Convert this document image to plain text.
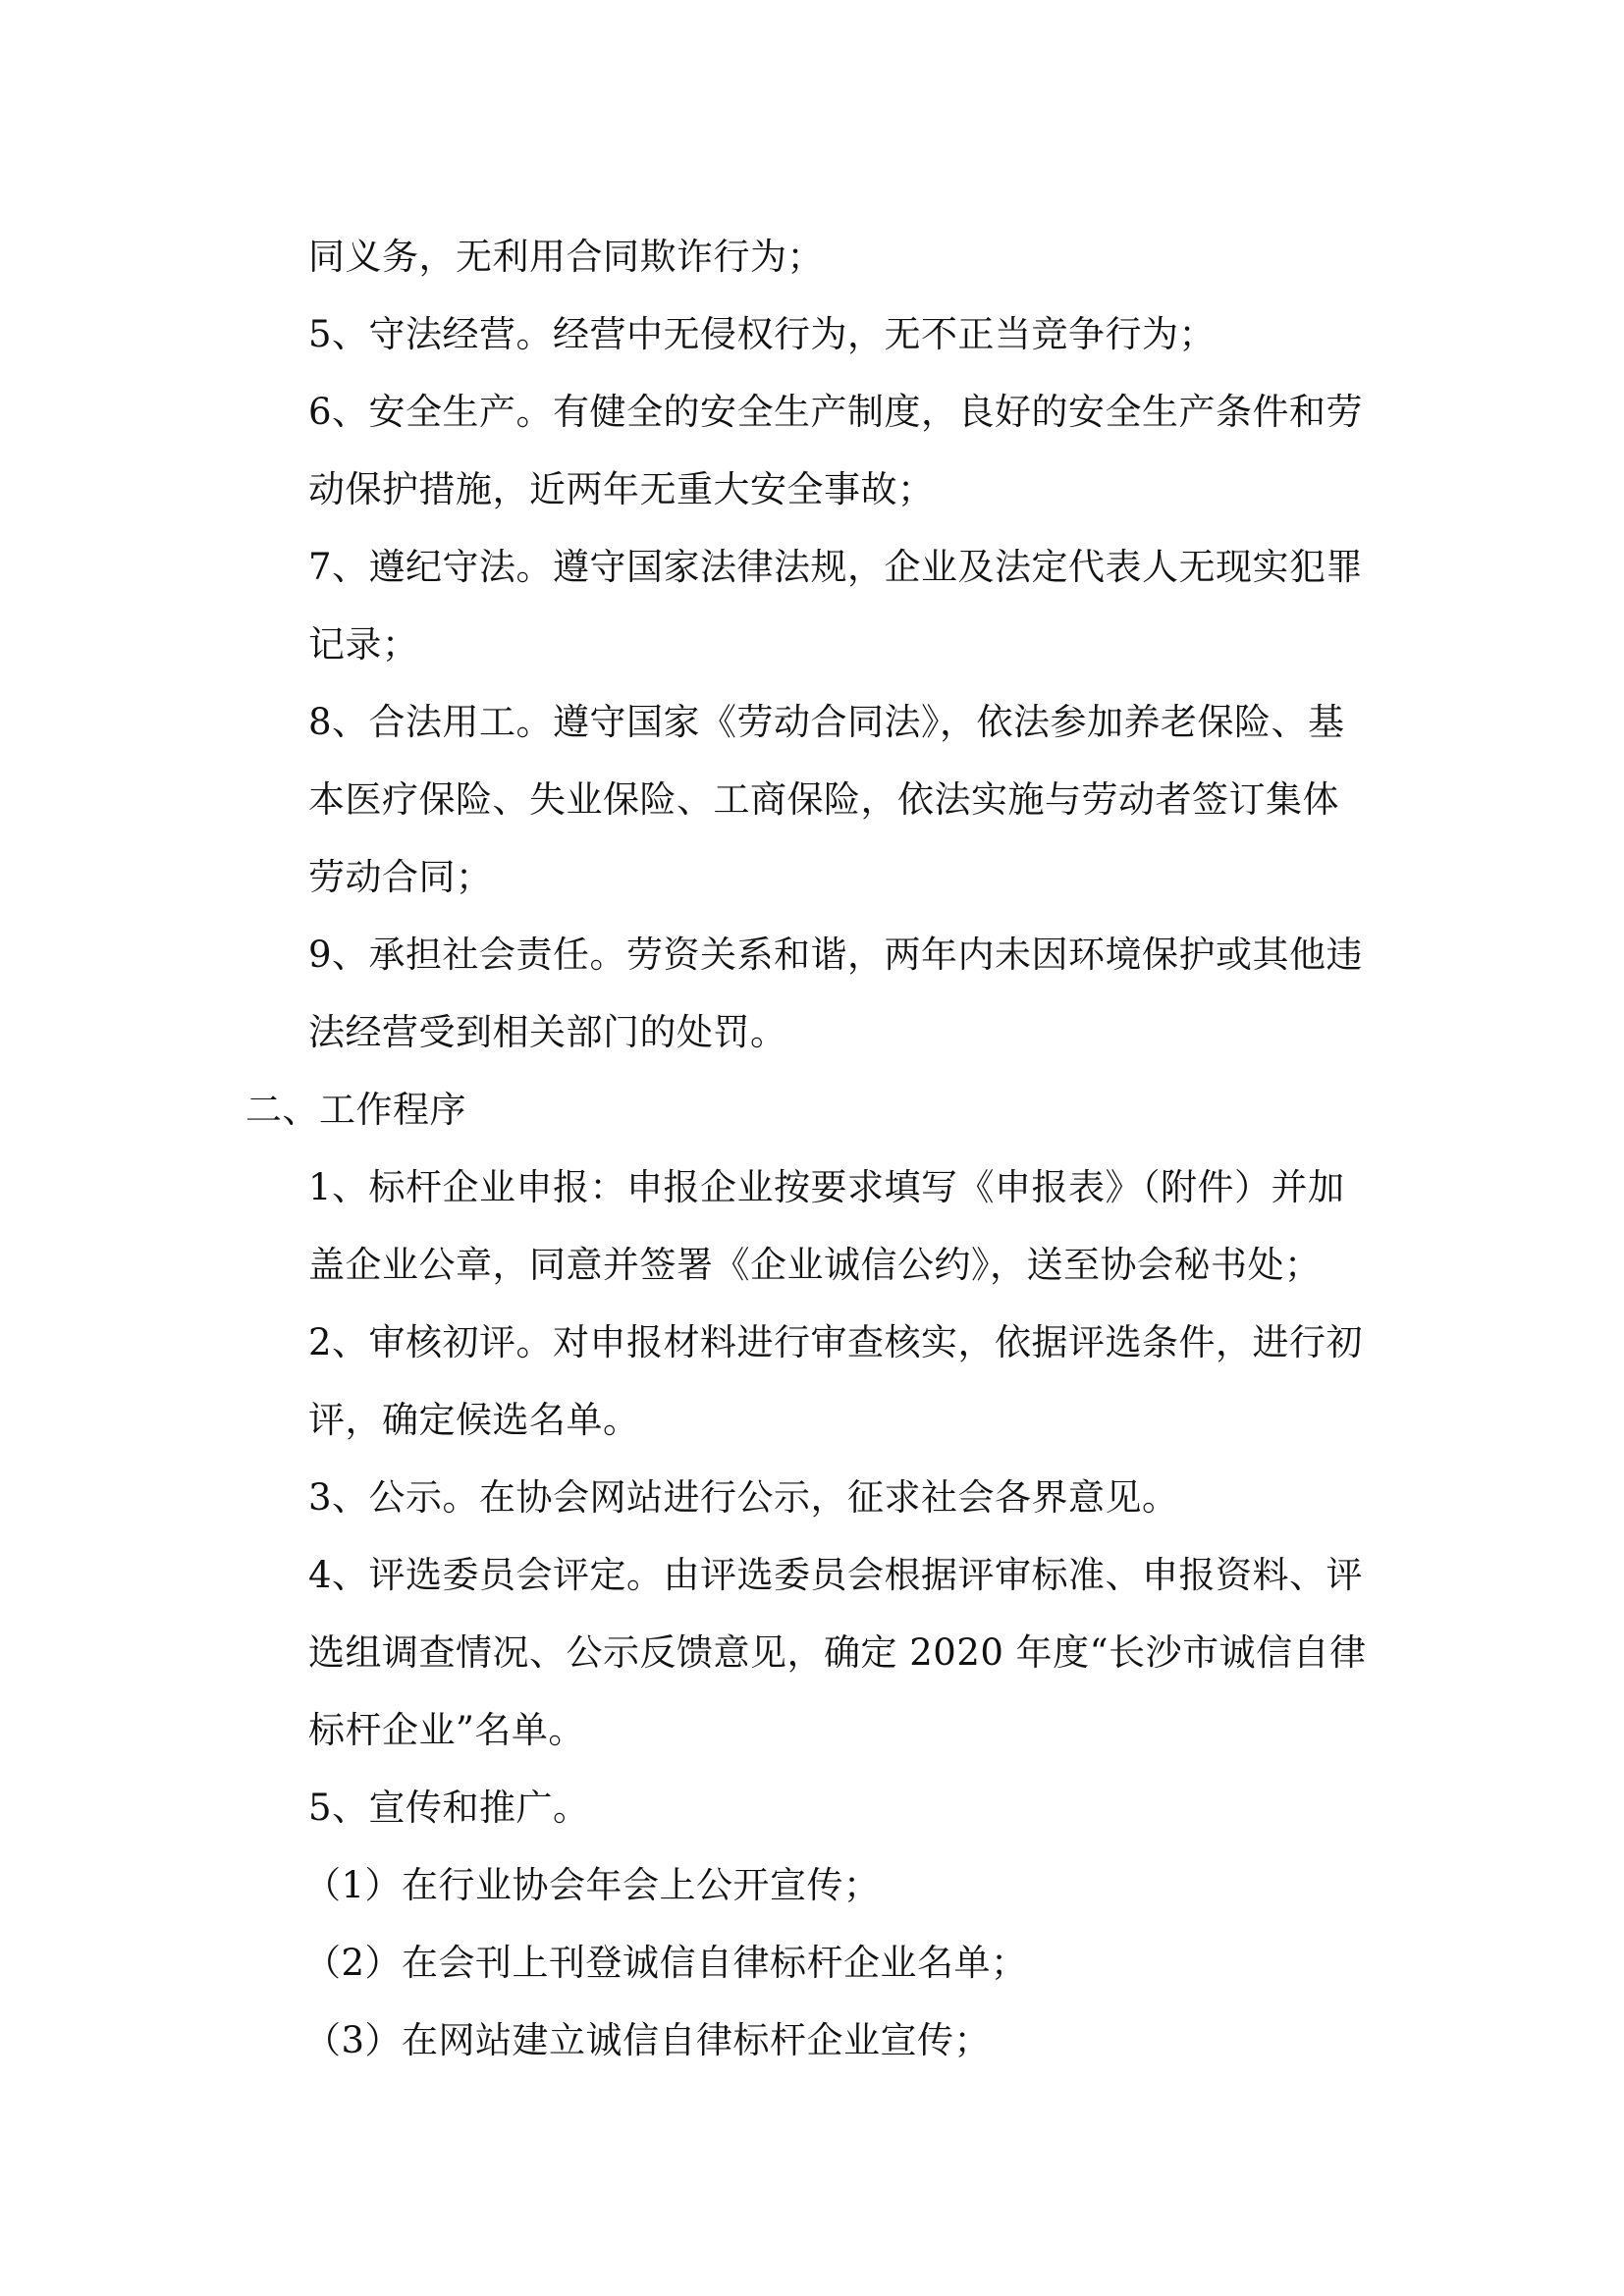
同义务，无利用合同欺诈行为；
5、守法经营。经营中无侵权行为，无不正当竞争行为；
6、安全生产。有健全的安全生产制度，良好的安全生产条件和劳
动保护措施，近两年无重大安全事故；
7、遵纪守法。遵守国家法律法规，企业及法定代表人无现实犯罪
记录；
8、合法用工。遵守国家《劳动合同法》，依法参加养老保险、基
本医疗保险、失业保险、工商保险，依法实施与劳动者签订集体
劳动合同；
9、承担社会责任。劳资关系和谐，两年内未因环境保护或其他违
法经营受到相关部门的处罚。
二、工作程序
1、标杆企业申报：申报企业按要求填写《申报表》（附件）并加
盖企业公章，同意并签署《企业诚信公约》，送至协会秘书处；
2、审核初评。对申报材料进行审查核实，依据评选条件，进行初
评，确定候选名单。
3、公示。在协会网站进行公示，征求社会各界意见。
4、评选委员会评定。由评选委员会根据评审标准、申报资料、评
选组调查情况、公示反馈意见，确定 2020 年度“长沙市诚信自律
标杆企业”名单。
5、宣传和推广。
（1）在行业协会年会上公开宣传；
（2）在会刊上刊登诚信自律标杆企业名单；
（3）在网站建立诚信自律标杆企业宣传；
